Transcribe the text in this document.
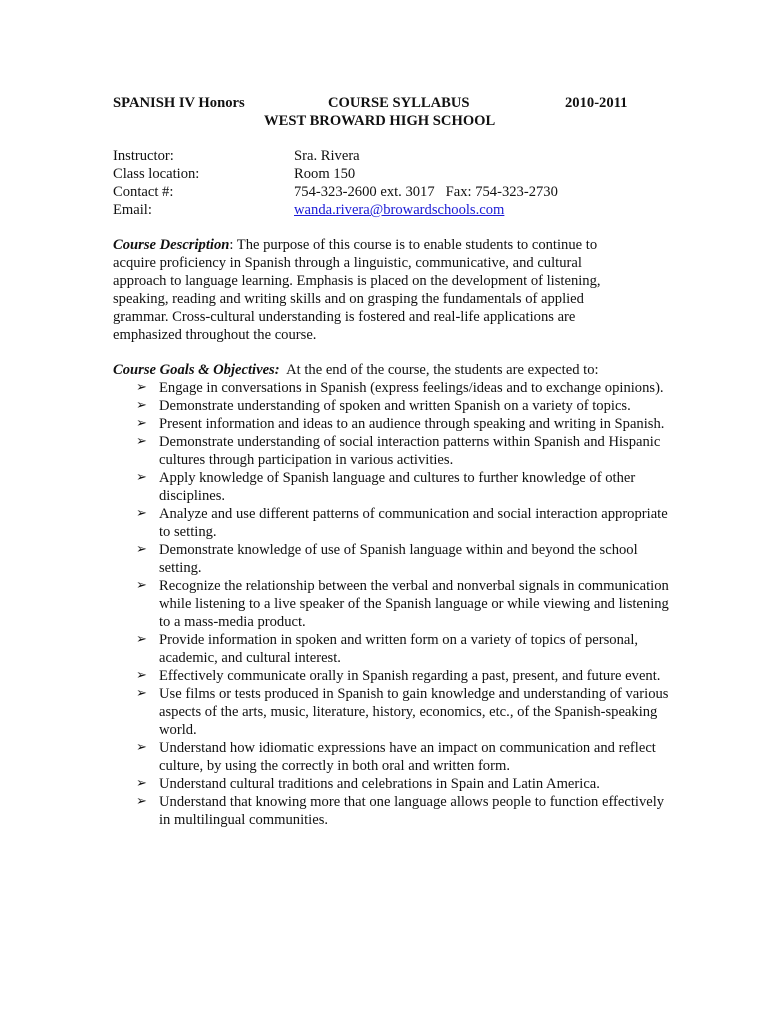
SPANISH IV Honors	COURSE SYLLABUS	2010-2011
WEST BROWARD HIGH SCHOOL
Instructor:	Sra. Rivera
Class location:	Room 150
Contact #:	754-323-2600 ext. 3017   Fax: 754-323-2730
Email:	wanda.rivera@browardschools.com
Course Description: The purpose of this course is to enable students to continue to acquire proficiency in Spanish through a linguistic, communicative, and cultural approach to language learning. Emphasis is placed on the development of listening, speaking, reading and writing skills and on grasping the fundamentals of applied grammar. Cross-cultural understanding is fostered and real-life applications are emphasized throughout the course.
Course Goals & Objectives:  At the end of the course, the students are expected to:
➢ Engage in conversations in Spanish (express feelings/ideas and to exchange opinions).
➢ Demonstrate understanding of spoken and written Spanish on a variety of topics.
➢ Present information and ideas to an audience through speaking and writing in Spanish.
➢ Demonstrate understanding of social interaction patterns within Spanish and Hispanic cultures through participation in various activities.
➢ Apply knowledge of Spanish language and cultures to further knowledge of other disciplines.
➢ Analyze and use different patterns of communication and social interaction appropriate to setting.
➢ Demonstrate knowledge of use of Spanish language within and beyond the school setting.
➢ Recognize the relationship between the verbal and nonverbal signals in communication while listening to a live speaker of the Spanish language or while viewing and listening to a mass-media product.
➢ Provide information in spoken and written form on a variety of topics of personal, academic, and cultural interest.
➢ Effectively communicate orally in Spanish regarding a past, present, and future event.
➢ Use films or tests produced in Spanish to gain knowledge and understanding of various aspects of the arts, music, literature, history, economics, etc., of the Spanish-speaking world.
➢ Understand how idiomatic expressions have an impact on communication and reflect culture, by using the correctly in both oral and written form.
➢ Understand cultural traditions and celebrations in Spain and Latin America.
➢ Understand that knowing more that one language allows people to function effectively in multilingual communities.
